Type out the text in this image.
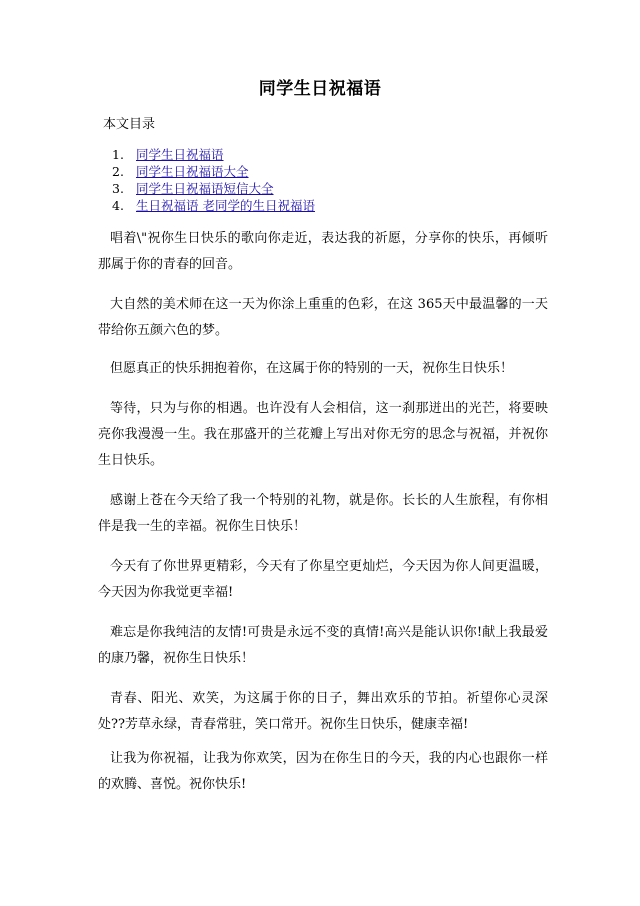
同学生日祝福语
本文目录
1. 同学生日祝福语
2. 同学生日祝福语大全
3. 同学生日祝福语短信大全
4. 生日祝福语 老同学的生日祝福语

唱着\"祝你生日快乐的歌向你走近，表达我的祈愿，分享你的快乐，再倾听那属于你的青春的回音。

大自然的美术师在这一天为你涂上重重的色彩，在这 365天中最温馨的一天带给你五颜六色的梦。

但愿真正的快乐拥抱着你，在这属于你的特别的一天，祝你生日快乐！

等待，只为与你的相遇。也许没有人会相信，这一刹那迸出的光芒，将要映亮你我漫漫一生。我在那盛开的兰花瓣上写出对你无穷的思念与祝福，并祝你生日快乐。

感谢上苍在今天给了我一个特别的礼物，就是你。长长的人生旅程，有你相伴是我一生的幸福。祝你生日快乐！

今天有了你世界更精彩，今天有了你星空更灿烂，今天因为你人间更温暖，今天因为你我觉更幸福!

难忘是你我纯洁的友情!可贵是永远不变的真情!高兴是能认识你!献上我最爱的康乃馨，祝你生日快乐！

青春、阳光、欢笑，为这属于你的日子，舞出欢乐的节拍。祈望你心灵深处??芳草永绿，青春常驻，笑口常开。祝你生日快乐，健康幸福!

让我为你祝福，让我为你欢笑，因为在你生日的今天，我的内心也跟你一样的欢腾、喜悦。祝你快乐!
